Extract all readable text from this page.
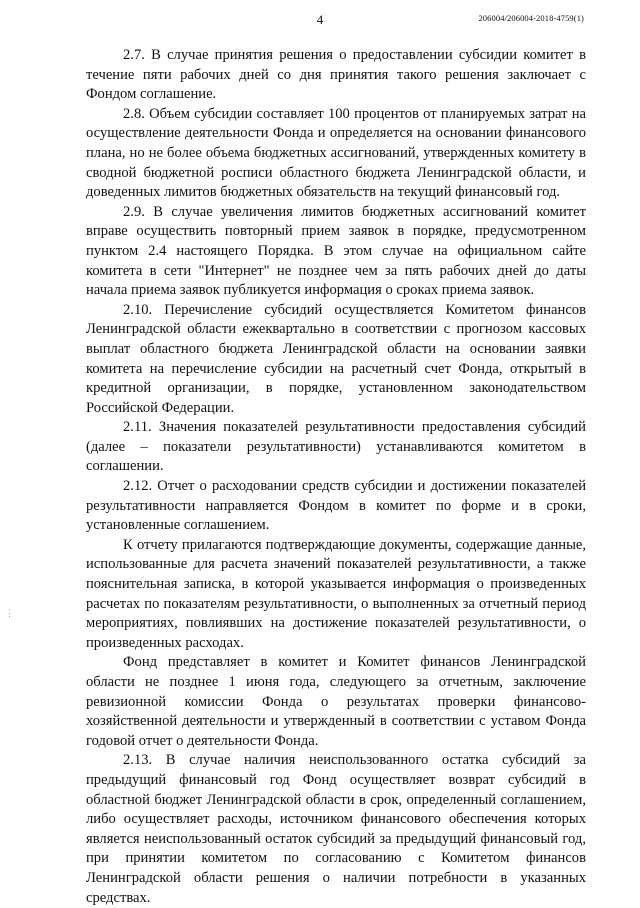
4	206004/206004-2018-4759(1)
⋮

2.7. В случае принятия решения о предоставлении субсидии комитет в течение пяти рабочих дней со дня принятия такого решения заключает с Фондом соглашение.

2.8. Объем субсидии составляет 100 процентов от планируемых затрат на осуществление деятельности Фонда и определяется на основании финансового плана, но не более объема бюджетных ассигнований, утвержденных комитету в сводной бюджетной росписи областного бюджета Ленинградской области, и доведенных лимитов бюджетных обязательств на текущий финансовый год.

2.9. В случае увеличения лимитов бюджетных ассигнований комитет вправе осуществить повторный прием заявок в порядке, предусмотренном пунктом 2.4 настоящего Порядка. В этом случае на официальном сайте комитета в сети "Интернет" не позднее чем за пять рабочих дней до даты начала приема заявок публикуется информация о сроках приема заявок.

2.10. Перечисление субсидий осуществляется Комитетом финансов Ленинградской области ежеквартально в соответствии с прогнозом кассовых выплат областного бюджета Ленинградской области на основании заявки комитета на перечисление субсидии на расчетный счет Фонда, открытый в кредитной организации, в порядке, установленном законодательством Российской Федерации.

2.11. Значения показателей результативности предоставления субсидий (далее – показатели результативности) устанавливаются комитетом в соглашении.

2.12. Отчет о расходовании средств субсидии и достижении показателей результативности направляется Фондом в комитет по форме и в сроки, установленные соглашением.

К отчету прилагаются подтверждающие документы, содержащие данные, использованные для расчета значений показателей результативности, а также пояснительная записка, в которой указывается информация о произведенных расчетах по показателям результативности, о выполненных за отчетный период мероприятиях, повлиявших на достижение показателей результативности, о произведенных расходах.

Фонд представляет в комитет и Комитет финансов Ленинградской области не позднее 1 июня года, следующего за отчетным, заключение ревизионной комиссии Фонда о результатах проверки финансово-хозяйственной деятельности и утвержденный в соответствии с уставом Фонда годовой отчет о деятельности Фонда.

2.13. В случае наличия неиспользованного остатка субсидий за предыдущий финансовый год Фонд осуществляет возврат субсидий в областной бюджет Ленинградской области в срок, определенный соглашением, либо осуществляет расходы, источником финансового обеспечения которых является неиспользованный остаток субсидий за предыдущий финансовый год, при принятии комитетом по согласованию с Комитетом финансов Ленинградской области решения о наличии потребности в указанных средствах.
